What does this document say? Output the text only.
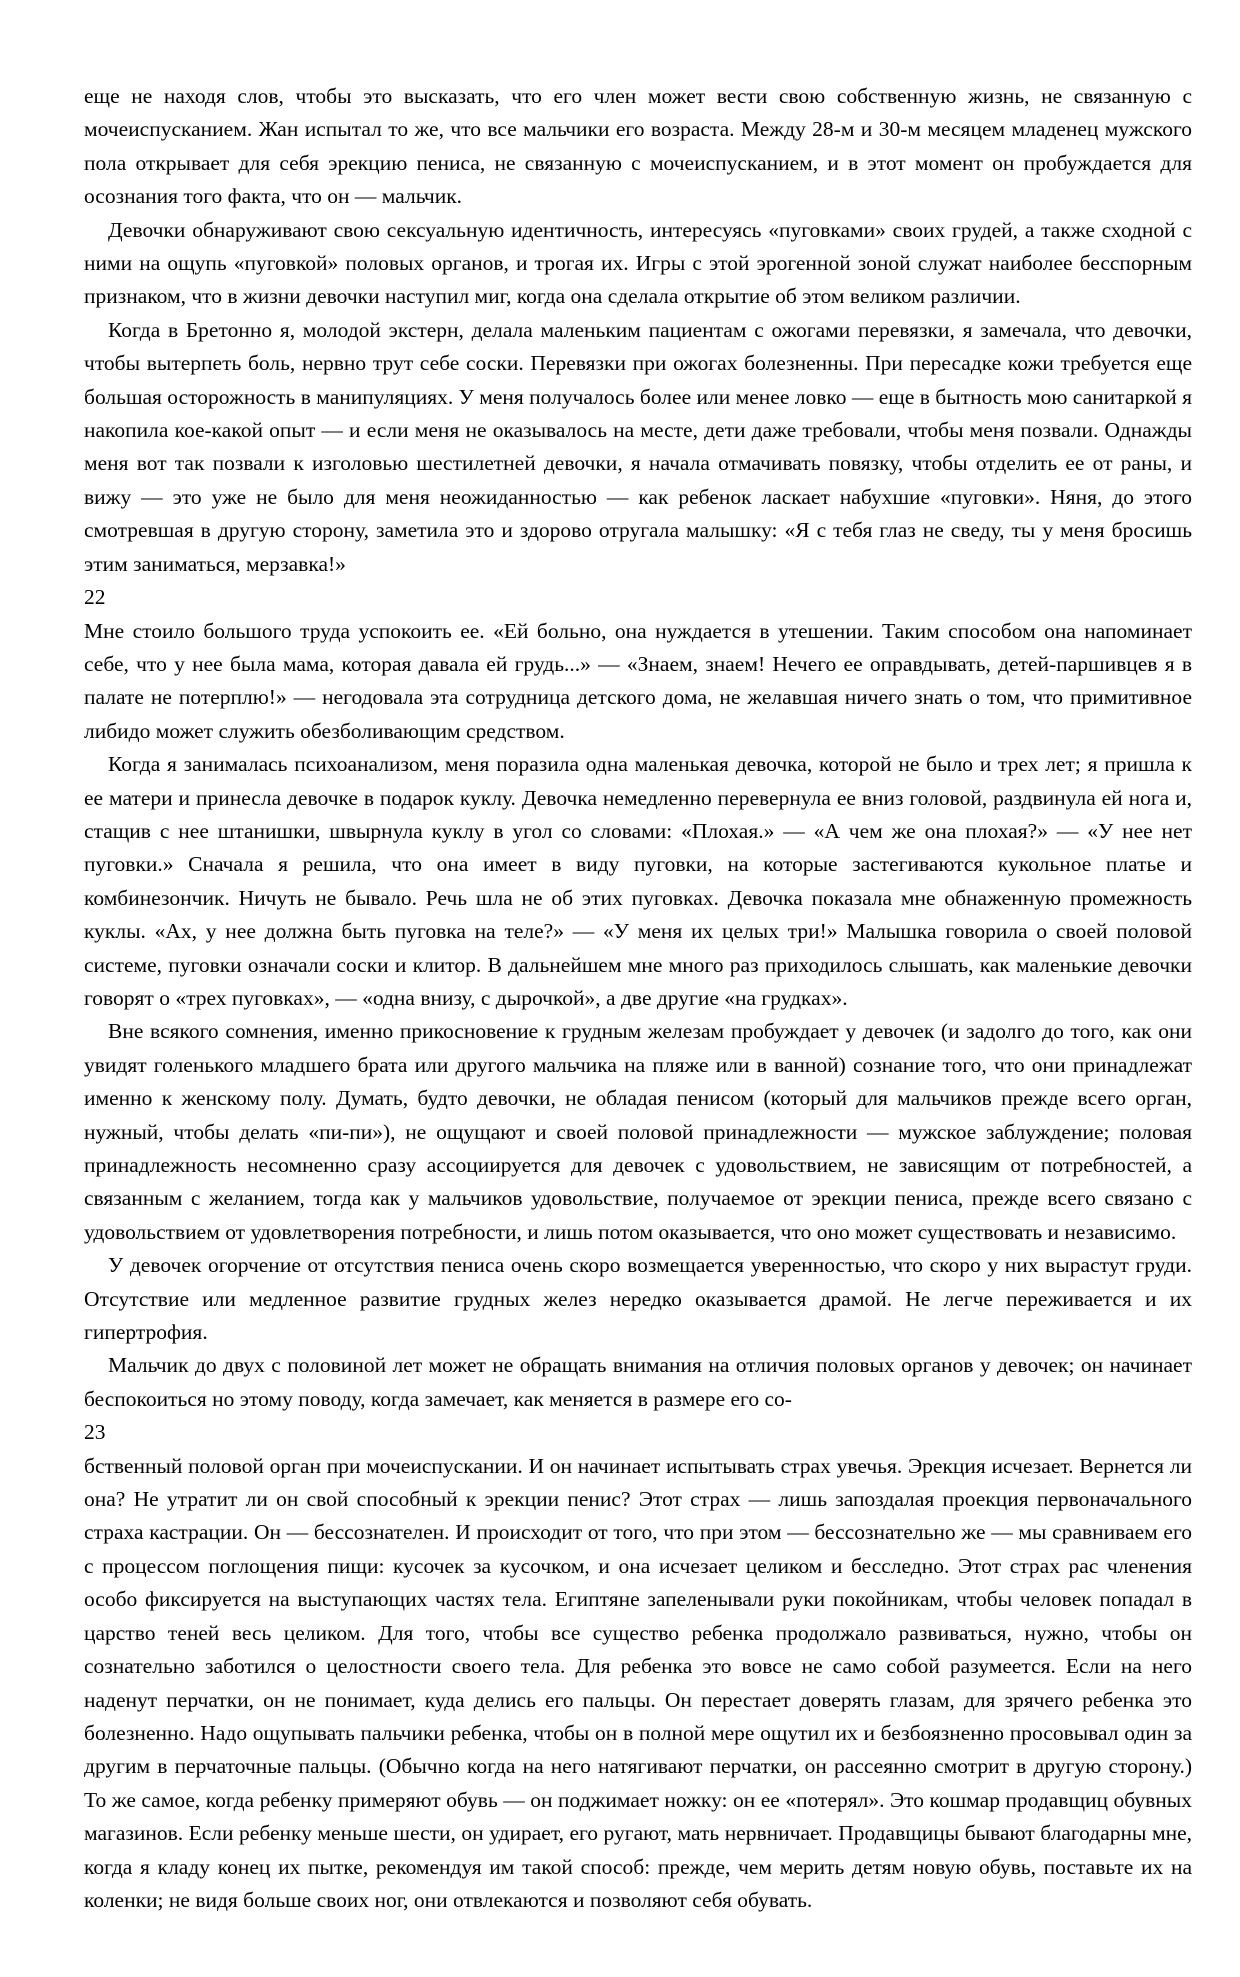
еще не находя слов, чтобы это высказать, что его член может вести свою собственную жизнь, не связанную с мочеиспусканием. Жан испытал то же, что все мальчики его возраста. Между 28-м и 30-м месяцем младенец мужского пола открывает для себя эрекцию пениса, не связанную с мочеиспусканием, и в этот момент он пробуждается для осознания того факта, что он — мальчик.

Девочки обнаруживают свою сексуальную идентичность, интересуясь «пуговками» своих грудей, а также сходной с ними на ощупь «пуговкой» половых органов, и трогая их. Игры с этой эрогенной зоной служат наиболее бесспорным признаком, что в жизни девочки наступил миг, когда она сделала открытие об этом великом различии.

Когда в Бретонно я, молодой экстерн, делала маленьким пациентам с ожогами перевязки, я замечала, что девочки, чтобы вытерпеть боль, нервно трут себе соски. Перевязки при ожогах болезненны. При пересадке кожи требуется еще большая осторожность в манипуляциях. У меня получалось более или менее ловко — еще в бытность мою санитаркой я накопила кое-какой опыт — и если меня не оказывалось на месте, дети даже требовали, чтобы меня позвали. Однажды меня вот так позвали к изголовью шестилетней девочки, я начала отмачивать повязку, чтобы отделить ее от раны, и вижу — это уже не было для меня неожиданностью — как ребенок ласкает набухшие «пуговки». Няня, до этого смотревшая в другую сторону, заметила это и здорово отругала малышку: «Я с тебя глаз не сведу, ты у меня бросишь этим заниматься, мерзавка!»

22

Мне стоило большого труда успокоить ее. «Ей больно, она нуждается в утешении. Таким способом она напоминает себе, что у нее была мама, которая давала ей грудь...» — «Знаем, знаем! Нечего ее оправдывать, детей-паршивцев я в палате не потерплю!» — негодовала эта сотрудница детского дома, не желавшая ничего знать о том, что примитивное либидо может служить обезболивающим средством.

Когда я занималась психоанализом, меня поразила одна маленькая девочка, которой не было и трех лет; я пришла к ее матери и принесла девочке в подарок куклу. Девочка немедленно перевернула ее вниз головой, раздвинула ей нога и, стащив с нее штанишки, швырнула куклу в угол со словами: «Плохая.» — «А чем же она плохая?» — «У нее нет пуговки.» Сначала я решила, что она имеет в виду пуговки, на которые застегиваются кукольное платье и комбинезончик. Ничуть не бывало. Речь шла не об этих пуговках. Девочка показала мне обнаженную промежность куклы. «Ах, у нее должна быть пуговка на теле?» — «У меня их целых три!» Малышка говорила о своей половой системе, пуговки означали соски и клитор. В дальнейшем мне много раз приходилось слышать, как маленькие девочки говорят о «трех пуговках», — «одна внизу, с дырочкой», а две другие «на грудках».

Вне всякого сомнения, именно прикосновение к грудным железам пробуждает у девочек (и задолго до того, как они увидят голенького младшего брата или другого мальчика на пляже или в ванной) сознание того, что они принадлежат именно к женскому полу. Думать, будто девочки, не обладая пенисом (который для мальчиков прежде всего орган, нужный, чтобы делать «пи-пи»), не ощущают и своей половой принадлежности — мужское заблуждение; половая принадлежность несомненно сразу ассоциируется для девочек с удовольствием, не зависящим от потребностей, а связанным с желанием, тогда как у мальчиков удовольствие, получаемое от эрекции пениса, прежде всего связано с удовольствием от удовлетворения потребности, и лишь потом оказывается, что оно может существовать и независимо.

У девочек огорчение от отсутствия пениса очень скоро возмещается уверенностью, что скоро у них вырастут груди. Отсутствие или медленное развитие грудных желез нередко оказывается драмой. Не легче переживается и их гипертрофия.

Мальчик до двух с половиной лет может не обращать внимания на отличия половых органов у девочек; он начинает беспокоиться но этому поводу, когда замечает, как меняется в размере его со-

23

бственный половой орган при мочеиспускании. И он начинает испытывать страх увечья. Эрекция исчезает. Вернется ли она? Не утратит ли он свой способный к эрекции пенис? Этот страх — лишь запоздалая проекция первоначального страха кастрации. Он — бессознателен. И происходит от того, что при этом — бессознательно же — мы сравниваем его с процессом поглощения пищи: кусочек за кусочком, и она исчезает целиком и бесследно. Этот страх рас членения особо фиксируется на выступающих частях тела. Египтяне запеленывали руки покойникам, чтобы человек попадал в царство теней весь целиком. Для того, чтобы все существо ребенка продолжало развиваться, нужно, чтобы он сознательно заботился о целостности своего тела. Для ребенка это вовсе не само собой разумеется. Если на него наденут перчатки, он не понимает, куда делись его пальцы. Он перестает доверять глазам, для зрячего ребенка это болезненно. Надо ощупывать пальчики ребенка, чтобы он в полной мере ощутил их и безбоязненно просовывал один за другим в перчаточные пальцы. (Обычно когда на него натягивают перчатки, он рассеянно смотрит в другую сторону.) То же самое, когда ребенку примеряют обувь — он поджимает ножку: он ее «потерял». Это кошмар продавщиц обувных магазинов. Если ребенку меньше шести, он удирает, его ругают, мать нервничает. Продавщицы бывают благодарны мне, когда я кладу конец их пытке, рекомендуя им такой способ: прежде, чем мерить детям новую обувь, поставьте их на коленки; не видя больше своих ног, они отвлекаются и позволяют себя обувать.
